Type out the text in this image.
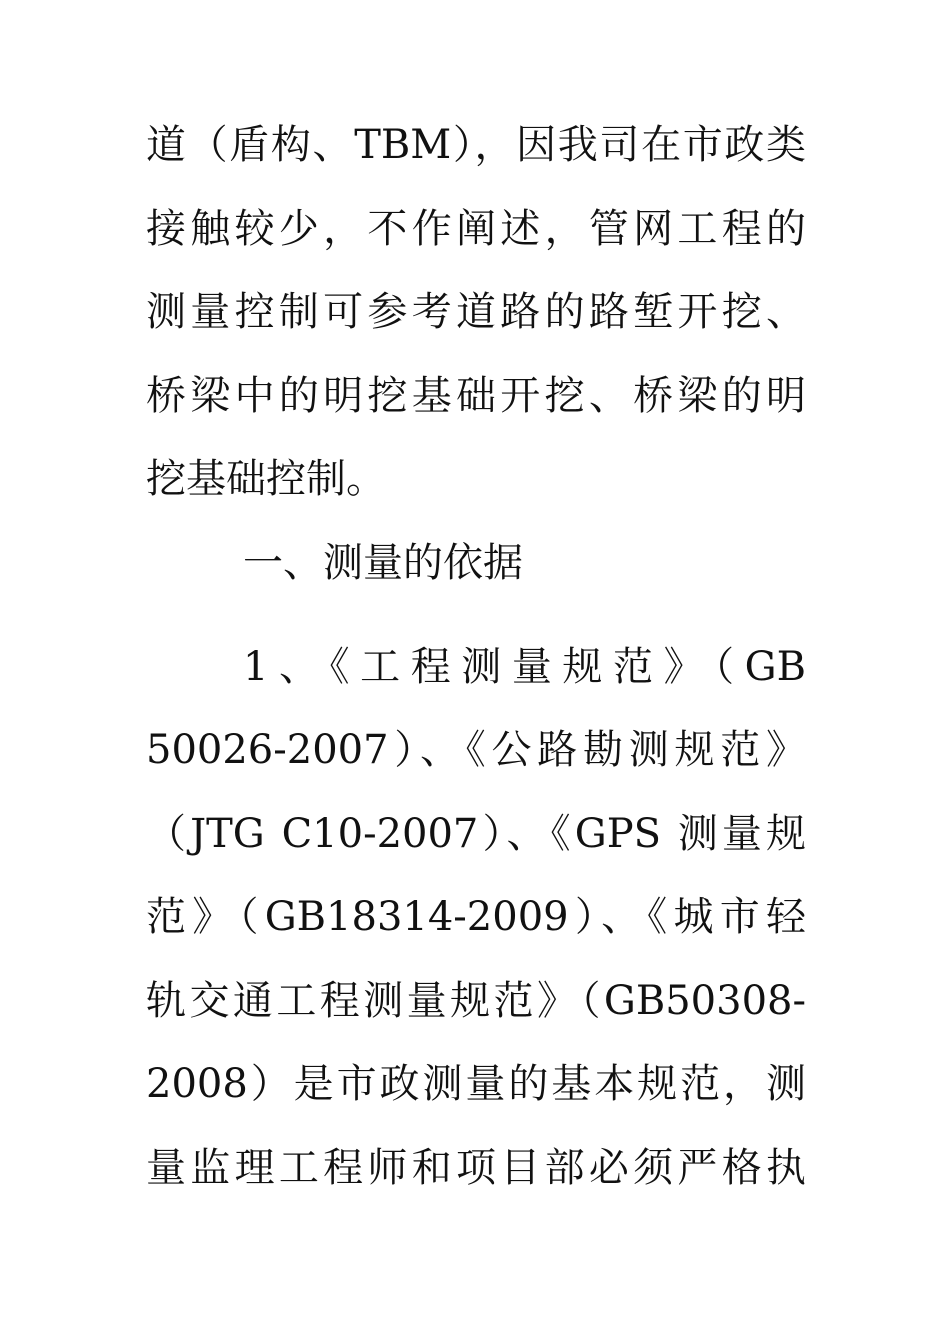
道（盾构、TBM），因我司在市政类
接触较少，不作阐述，管网工程的
测量控制可参考道路的路堑开挖、
桥梁中的明挖基础开挖、桥梁的明
挖基础控制。
一、测量的依据
1、《工程测量规范》（GB
50026-2007）、《公路勘测规范》
（JTG C10-2007）、《GPS 测量规
范》（GB18314-2009）、《城市轻
轨交通工程测量规范》（GB50308-
2008）是市政测量的基本规范，测
量监理工程师和项目部必须严格执
